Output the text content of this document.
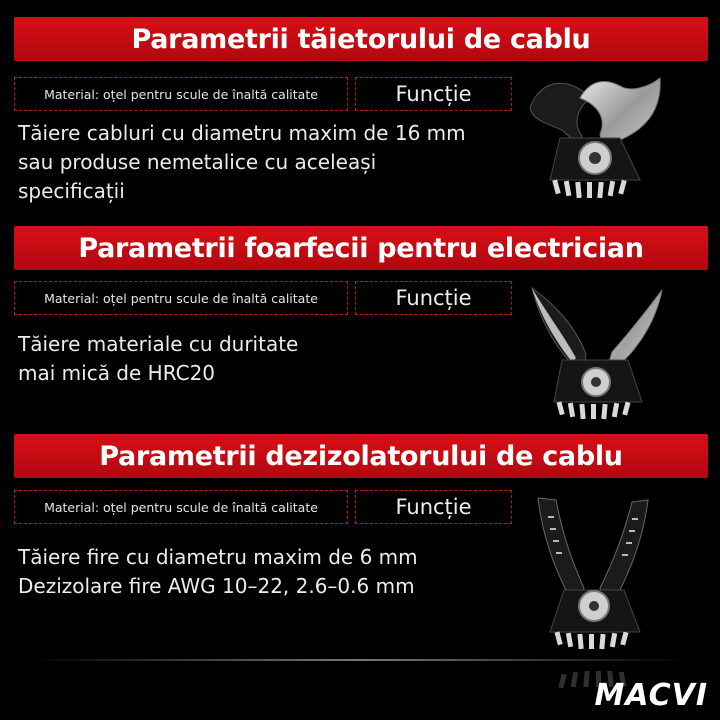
Parametrii tăietorului de cablu
Material: oțel pentru scule de înaltă calitate	Funcție
Tăiere cabluri cu diametru maxim de 16 mm
sau produse nemetalice cu aceleași
specificații
Parametrii foarfecii pentru electrician
Material: oțel pentru scule de înaltă calitate	Funcție
Tăiere materiale cu duritate
mai mică de HRC20
Parametrii dezizolatorului de cablu
Material: oțel pentru scule de înaltă calitate	Funcție
Tăiere fire cu diametru maxim de 6 mm
Dezizolare fire AWG 10–22, 2.6–0.6 mm
MACVI
